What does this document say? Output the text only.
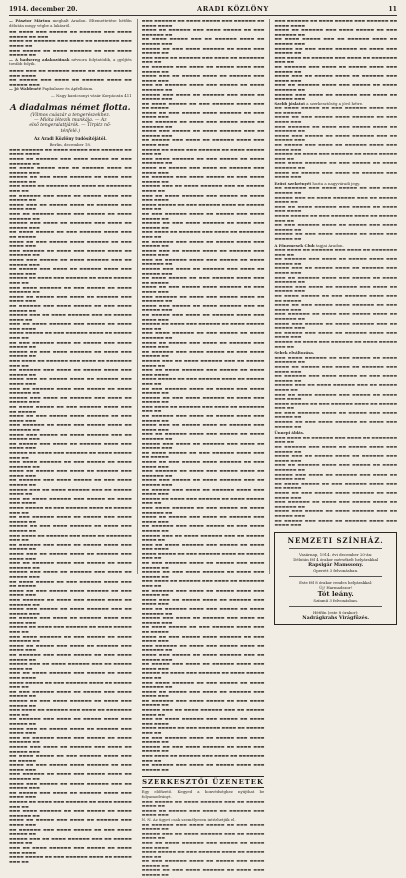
1914. december 20.	ARADI KÖZLÖNY	11

— Pásztor Márton meghalt Aradon. Eltemettetése hétfőn délután megy végbe a lakásról.

▬▬ ▬▬▬▬ ▬▬▬ ▬▬▬▬▬ ▬▬ ▬▬▬▬▬▬ ▬▬▬ ▬▬▬▬ ▬▬▬▬▬ ▬▬ ▬▬▬

▬▬▬▬ ▬▬ ▬▬▬▬▬▬ ▬▬▬ ▬▬▬▬ ▬▬ ▬▬▬▬▬▬▬ ▬▬▬ ▬▬▬▬ ▬▬

▬▬▬ ▬▬▬▬▬ ▬▬ ▬▬▬▬ ▬▬▬▬▬▬ ▬▬ ▬▬▬ ▬▬▬▬ ▬▬▬▬▬ ▬▬

— A hadsereg adakozóinak névsora folytatódik, a gyűjtés tovább folyik.

▬▬▬▬ ▬▬▬ ▬▬ ▬▬▬▬▬▬ ▬▬▬▬ ▬▬ ▬▬▬▬ ▬▬▬▬▬ ▬▬▬ ▬▬▬▬

▬▬ ▬▬▬▬▬ ▬▬▬ ▬▬▬▬ ▬▬ ▬▬▬▬▬▬ ▬▬▬▬ ▬▬ ▬▬▬▬▬ ▬▬▬

— Jó Waldenéé Papbalaser és Apfelbäum.

— Nagy karácsonyi vásár Korpáczán 411

A diadalmas német flotta.
(Vilmos császár a tengerészekhez.
— Mióta létezik munkája. — Az
első tengeralattjárók. — Tirpitz nő-
ténfelé.)
Az Aradi Közlöny tudósítójától.

Berlin, december 18.

▬▬▬ ▬▬▬▬▬▬ ▬▬ ▬▬▬▬ ▬▬▬▬▬ ▬▬▬ ▬▬▬▬▬▬ ▬▬ ▬▬▬▬ ▬▬▬▬

▬▬▬▬ ▬▬ ▬▬▬▬▬▬ ▬▬▬ ▬▬▬▬ ▬▬▬▬▬ ▬▬ ▬▬▬ ▬▬▬▬▬▬ ▬▬

▬▬ ▬▬▬▬ ▬▬▬▬▬ ▬▬▬ ▬▬ ▬▬▬▬▬▬ ▬▬▬▬ ▬▬ ▬▬▬▬▬ ▬▬▬

▬▬▬▬▬ ▬▬ ▬▬▬ ▬▬▬▬ ▬▬▬▬▬▬ ▬▬ ▬▬▬▬ ▬▬▬ ▬▬▬▬▬ ▬▬

▬▬▬ ▬▬▬▬ ▬▬ ▬▬▬▬▬▬ ▬▬▬ ▬▬▬▬ ▬▬ ▬▬▬▬▬▬▬ ▬▬▬ ▬▬

▬▬ ▬▬▬▬▬▬ ▬▬▬ ▬▬▬▬ ▬▬ ▬▬▬▬▬ ▬▬▬▬ ▬▬▬ ▬▬▬▬▬ ▬▬

▬▬▬▬ ▬▬▬ ▬▬ ▬▬▬▬▬ ▬▬▬▬ ▬▬ ▬▬▬▬▬▬ ▬▬▬ ▬▬▬▬ ▬▬▬

▬▬▬ ▬▬ ▬▬▬▬▬▬ ▬▬▬▬ ▬▬▬ ▬▬▬▬▬ ▬▬ ▬▬▬▬ ▬▬▬▬▬▬ ▬▬

▬▬▬▬▬ ▬▬▬ ▬▬▬▬ ▬▬ ▬▬▬▬▬▬ ▬▬▬ ▬▬▬▬ ▬▬ ▬▬▬▬▬ ▬▬▬

▬▬ ▬▬▬▬ ▬▬▬▬▬ ▬▬ ▬▬▬ ▬▬▬▬▬▬ ▬▬▬▬ ▬▬▬ ▬▬ ▬▬▬▬▬

▬▬▬▬ ▬▬ ▬▬▬ ▬▬▬▬▬ ▬▬▬▬ ▬▬▬▬▬▬ ▬▬ ▬▬▬ ▬▬▬▬ ▬▬▬

▬▬▬ ▬▬▬▬▬▬ ▬▬ ▬▬▬▬ ▬▬▬ ▬▬▬▬▬ ▬▬▬▬ ▬▬ ▬▬▬▬▬▬ ▬▬

▬▬▬▬ ▬▬▬ ▬▬▬▬▬ ▬▬ ▬▬▬▬ ▬▬▬▬▬▬ ▬▬▬ ▬▬ ▬▬▬▬▬ ▬▬▬

▬▬ ▬▬▬▬▬ ▬▬▬ ▬▬▬▬ ▬▬ ▬▬▬▬▬▬ ▬▬▬▬ ▬▬▬ ▬▬▬▬ ▬▬▬

▬▬▬▬▬ ▬▬ ▬▬▬▬ ▬▬▬ ▬▬▬▬▬▬ ▬▬ ▬▬▬▬ ▬▬▬▬▬ ▬▬▬ ▬▬

▬▬▬ ▬▬▬▬ ▬▬▬▬▬▬ ▬▬ ▬▬▬ ▬▬▬▬▬ ▬▬ ▬▬▬▬ ▬▬▬▬▬▬ ▬▬

▬▬▬▬ ▬▬ ▬▬▬▬▬ ▬▬▬ ▬▬▬▬ ▬▬ ▬▬▬▬▬▬ ▬▬▬ ▬▬▬▬ ▬▬▬

▬▬ ▬▬▬▬▬▬ ▬▬▬ ▬▬▬▬ ▬▬▬▬▬ ▬▬ ▬▬▬ ▬▬▬▬ ▬▬▬▬▬ ▬▬

▬▬▬▬▬ ▬▬▬ ▬▬ ▬▬▬▬ ▬▬▬▬▬▬ ▬▬▬ ▬▬ ▬▬▬▬▬ ▬▬▬▬ ▬▬

▬▬▬ ▬▬ ▬▬▬▬ ▬▬▬▬▬▬ ▬▬▬ ▬▬▬▬▬ ▬▬ ▬▬▬▬ ▬▬▬ ▬▬▬▬

▬▬▬▬ ▬▬▬▬▬ ▬▬ ▬▬▬ ▬▬▬▬▬▬ ▬▬▬▬ ▬▬ ▬▬▬▬▬ ▬▬▬ ▬▬

▬▬ ▬▬▬ ▬▬▬▬▬▬ ▬▬▬▬ ▬▬ ▬▬▬▬▬ ▬▬▬ ▬▬▬▬ ▬▬▬▬▬ ▬▬

▬▬▬▬▬ ▬▬ ▬▬▬ ▬▬▬▬ ▬▬▬▬▬▬ ▬▬ ▬▬▬▬ ▬▬▬ ▬▬▬▬▬ ▬▬

▬▬▬ ▬▬▬▬ ▬▬ ▬▬▬▬▬▬ ▬▬▬ ▬▬▬▬ ▬▬ ▬▬▬▬▬▬▬ ▬▬▬ ▬▬

▬▬ ▬▬▬▬▬▬ ▬▬▬ ▬▬▬▬ ▬▬ ▬▬▬▬▬ ▬▬▬▬ ▬▬▬ ▬▬▬▬▬ ▬▬

▬▬▬▬ ▬▬▬ ▬▬ ▬▬▬▬▬ ▬▬▬▬ ▬▬ ▬▬▬▬▬▬ ▬▬▬ ▬▬▬▬ ▬▬▬

▬▬▬ ▬▬ ▬▬▬▬▬▬ ▬▬▬▬ ▬▬▬ ▬▬▬▬▬ ▬▬ ▬▬▬▬ ▬▬▬▬▬▬ ▬▬

▬▬▬▬▬ ▬▬▬ ▬▬▬▬ ▬▬ ▬▬▬▬▬▬ ▬▬▬ ▬▬▬▬ ▬▬ ▬▬▬▬▬ ▬▬▬

▬▬ ▬▬▬▬ ▬▬▬▬▬ ▬▬ ▬▬▬ ▬▬▬▬▬▬ ▬▬▬▬ ▬▬▬ ▬▬ ▬▬▬▬▬

▬▬▬▬ ▬▬ ▬▬▬ ▬▬▬▬▬ ▬▬▬▬ ▬▬▬▬▬▬ ▬▬ ▬▬▬ ▬▬▬▬ ▬▬▬

▬▬▬ ▬▬▬▬▬▬ ▬▬ ▬▬▬▬ ▬▬▬ ▬▬▬▬▬ ▬▬▬▬ ▬▬ ▬▬▬▬▬▬ ▬▬

▬▬▬▬ ▬▬▬ ▬▬▬▬▬ ▬▬ ▬▬▬▬ ▬▬▬▬▬▬ ▬▬▬ ▬▬ ▬▬▬▬▬ ▬▬▬

▬▬ ▬▬▬▬▬ ▬▬▬ ▬▬▬▬ ▬▬ ▬▬▬▬▬▬ ▬▬▬▬ ▬▬▬ ▬▬▬▬ ▬▬▬

▬▬▬▬▬ ▬▬ ▬▬▬▬ ▬▬▬ ▬▬▬▬▬▬ ▬▬ ▬▬▬▬ ▬▬▬▬▬ ▬▬▬ ▬▬

▬▬▬ ▬▬▬▬ ▬▬▬▬▬▬ ▬▬ ▬▬▬ ▬▬▬▬▬ ▬▬ ▬▬▬▬ ▬▬▬▬▬▬ ▬▬

▬▬▬▬ ▬▬ ▬▬▬▬▬ ▬▬▬ ▬▬▬▬ ▬▬ ▬▬▬▬▬▬ ▬▬▬ ▬▬▬▬ ▬▬▬

▬▬ ▬▬▬▬▬▬ ▬▬▬ ▬▬▬▬ ▬▬▬▬▬ ▬▬ ▬▬▬ ▬▬▬▬ ▬▬▬▬▬ ▬▬

▬▬▬▬▬ ▬▬▬ ▬▬ ▬▬▬▬ ▬▬▬▬▬▬ ▬▬▬ ▬▬ ▬▬▬▬▬ ▬▬▬▬ ▬▬

▬▬▬ ▬▬ ▬▬▬▬ ▬▬▬▬▬▬ ▬▬▬ ▬▬▬▬▬ ▬▬ ▬▬▬▬ ▬▬▬ ▬▬▬▬

▬▬▬▬ ▬▬▬▬▬ ▬▬ ▬▬▬ ▬▬▬▬▬▬ ▬▬▬▬ ▬▬ ▬▬▬▬▬ ▬▬▬ ▬▬

▬▬ ▬▬▬ ▬▬▬▬▬▬ ▬▬▬▬ ▬▬ ▬▬▬▬▬ ▬▬▬ ▬▬▬▬ ▬▬▬▬▬ ▬▬

▬▬▬▬▬ ▬▬ ▬▬▬ ▬▬▬▬ ▬▬▬▬▬▬ ▬▬ ▬▬▬▬ ▬▬▬ ▬▬▬▬▬ ▬▬

▬▬▬ ▬▬▬▬ ▬▬ ▬▬▬▬▬▬ ▬▬▬ ▬▬▬▬ ▬▬ ▬▬▬▬▬▬▬ ▬▬▬ ▬▬

▬▬ ▬▬▬▬▬▬ ▬▬▬ ▬▬▬▬ ▬▬ ▬▬▬▬▬ ▬▬▬▬ ▬▬▬ ▬▬▬▬▬ ▬▬

▬▬▬▬ ▬▬▬ ▬▬ ▬▬▬▬▬ ▬▬▬▬ ▬▬ ▬▬▬▬▬▬ ▬▬▬ ▬▬▬▬ ▬▬▬

▬▬▬ ▬▬ ▬▬▬▬▬▬ ▬▬▬▬ ▬▬▬ ▬▬▬▬▬ ▬▬ ▬▬▬▬ ▬▬▬▬▬▬ ▬▬

▬▬▬▬▬ ▬▬▬ ▬▬▬▬ ▬▬ ▬▬▬▬▬▬ ▬▬▬ ▬▬▬▬ ▬▬ ▬▬▬▬▬ ▬▬▬

▬▬ ▬▬▬▬ ▬▬▬▬▬ ▬▬ ▬▬▬ ▬▬▬▬▬▬ ▬▬▬▬ ▬▬▬ ▬▬ ▬▬▬▬▬

▬▬▬▬ ▬▬ ▬▬▬ ▬▬▬▬▬ ▬▬▬▬ ▬▬▬▬▬▬ ▬▬ ▬▬▬ ▬▬▬▬ ▬▬▬

▬▬▬ ▬▬▬▬▬▬ ▬▬ ▬▬▬▬ ▬▬▬ ▬▬▬▬▬ ▬▬▬▬ ▬▬ ▬▬▬▬▬▬ ▬▬

▬▬▬▬ ▬▬▬ ▬▬▬▬▬ ▬▬ ▬▬▬▬ ▬▬▬▬▬▬ ▬▬▬ ▬▬ ▬▬▬▬▬ ▬▬▬

▬▬ ▬▬▬▬▬ ▬▬▬ ▬▬▬▬ ▬▬ ▬▬▬▬▬▬ ▬▬▬▬ ▬▬▬ ▬▬▬▬ ▬▬▬

▬▬▬▬▬ ▬▬ ▬▬▬▬ ▬▬▬ ▬▬▬▬▬▬ ▬▬ ▬▬▬▬ ▬▬▬▬▬ ▬▬▬ ▬▬

▬▬▬ ▬▬▬▬ ▬▬▬▬▬▬ ▬▬ ▬▬▬ ▬▬▬▬▬ ▬▬ ▬▬▬▬ ▬▬▬▬▬▬ ▬▬

▬▬▬▬ ▬▬ ▬▬▬▬▬ ▬▬▬ ▬▬▬▬ ▬▬ ▬▬▬▬▬▬ ▬▬▬ ▬▬▬▬ ▬▬▬

▬▬ ▬▬▬▬▬▬ ▬▬▬ ▬▬▬▬ ▬▬▬▬▬ ▬▬ ▬▬▬ ▬▬▬▬ ▬▬▬▬▬ ▬▬

▬▬▬▬▬ ▬▬▬ ▬▬ ▬▬▬▬ ▬▬▬▬▬▬ ▬▬▬ ▬▬ ▬▬▬▬▬ ▬▬▬▬ ▬▬

▬▬▬ ▬▬ ▬▬▬▬ ▬▬▬▬▬▬ ▬▬▬ ▬▬▬▬▬ ▬▬ ▬▬▬▬ ▬▬▬ ▬▬▬▬

▬▬▬▬ ▬▬▬▬▬ ▬▬ ▬▬▬ ▬▬▬▬▬▬ ▬▬▬▬ ▬▬ ▬▬▬▬▬ ▬▬▬ ▬▬

▬▬ ▬▬▬ ▬▬▬▬▬▬ ▬▬▬▬ ▬▬ ▬▬▬▬▬ ▬▬▬ ▬▬▬▬ ▬▬▬▬▬ ▬▬

▬▬▬▬▬ ▬▬ ▬▬▬ ▬▬▬▬ ▬▬▬▬▬▬ ▬▬ ▬▬▬▬ ▬▬▬ ▬▬▬▬▬ ▬▬

▬▬▬ ▬▬▬▬ ▬▬ ▬▬▬▬▬▬ ▬▬▬ ▬▬▬▬ ▬▬ ▬▬▬▬▬▬▬ ▬▬▬ ▬▬

▬▬ ▬▬▬▬▬▬ ▬▬▬ ▬▬▬▬ ▬▬ ▬▬▬▬▬ ▬▬▬▬ ▬▬▬ ▬▬▬▬▬ ▬▬

▬▬▬▬ ▬▬▬ ▬▬ ▬▬▬▬▬ ▬▬▬▬ ▬▬ ▬▬▬▬▬▬ ▬▬▬ ▬▬▬▬ ▬▬▬

▬▬▬ ▬▬ ▬▬▬▬▬▬ ▬▬▬▬ ▬▬▬ ▬▬▬▬▬ ▬▬ ▬▬▬▬ ▬▬▬▬▬▬ ▬▬

▬▬▬▬▬ ▬▬▬ ▬▬▬▬ ▬▬ ▬▬▬▬▬▬ ▬▬▬ ▬▬▬▬ ▬▬ ▬▬▬▬▬ ▬▬▬

▬▬ ▬▬▬▬ ▬▬▬▬▬ ▬▬ ▬▬▬ ▬▬▬▬▬▬ ▬▬▬▬ ▬▬▬ ▬▬ ▬▬▬▬▬

▬▬▬▬ ▬▬ ▬▬▬ ▬▬▬▬▬ ▬▬▬▬ ▬▬▬▬▬▬ ▬▬ ▬▬▬ ▬▬▬▬ ▬▬▬

▬▬▬ ▬▬▬▬▬▬ ▬▬ ▬▬▬▬ ▬▬▬ ▬▬▬▬▬ ▬▬▬▬ ▬▬ ▬▬▬▬▬▬ ▬▬

▬▬▬▬ ▬▬▬ ▬▬▬▬▬ ▬▬ ▬▬▬▬ ▬▬▬▬▬▬ ▬▬▬ ▬▬ ▬▬▬▬▬ ▬▬▬

▬▬ ▬▬▬▬▬ ▬▬▬ ▬▬▬▬ ▬▬ ▬▬▬▬▬▬ ▬▬▬▬ ▬▬▬ ▬▬▬▬ ▬▬▬

▬▬▬▬▬ ▬▬ ▬▬▬▬ ▬▬▬ ▬▬▬▬▬▬ ▬▬ ▬▬▬▬ ▬▬▬▬▬ ▬▬▬ ▬▬

▬▬▬ ▬▬▬▬ ▬▬▬▬▬▬ ▬▬ ▬▬▬ ▬▬▬▬▬ ▬▬ ▬▬▬▬ ▬▬▬▬▬▬ ▬▬

▬▬▬▬ ▬▬ ▬▬▬▬▬ ▬▬▬ ▬▬▬▬ ▬▬ ▬▬▬▬▬▬ ▬▬▬ ▬▬▬▬ ▬▬▬

▬▬ ▬▬▬▬▬▬ ▬▬▬ ▬▬▬▬ ▬▬▬▬▬ ▬▬ ▬▬▬ ▬▬▬▬ ▬▬▬▬▬ ▬▬

▬▬▬▬▬ ▬▬▬ ▬▬ ▬▬▬▬ ▬▬▬▬▬▬ ▬▬▬ ▬▬ ▬▬▬▬▬ ▬▬▬▬ ▬▬

▬▬▬ ▬▬ ▬▬▬▬ ▬▬▬▬▬▬ ▬▬▬ ▬▬▬▬▬ ▬▬ ▬▬▬▬ ▬▬▬ ▬▬▬▬

▬▬▬▬ ▬▬▬▬▬ ▬▬ ▬▬▬ ▬▬▬▬▬▬ ▬▬▬▬ ▬▬ ▬▬▬▬▬ ▬▬▬ ▬▬

▬▬▬ ▬▬▬▬▬▬ ▬▬ ▬▬▬▬ ▬▬▬▬▬ ▬▬▬ ▬▬▬▬▬▬ ▬▬ ▬▬▬▬ ▬▬▬▬

▬▬▬▬ ▬▬ ▬▬▬▬▬▬ ▬▬▬ ▬▬▬▬ ▬▬▬▬▬ ▬▬ ▬▬▬ ▬▬▬▬▬▬ ▬▬

▬▬ ▬▬▬▬ ▬▬▬▬▬ ▬▬▬ ▬▬ ▬▬▬▬▬▬ ▬▬▬▬ ▬▬ ▬▬▬▬▬ ▬▬▬

▬▬▬▬▬ ▬▬ ▬▬▬ ▬▬▬▬ ▬▬▬▬▬▬ ▬▬ ▬▬▬▬ ▬▬▬ ▬▬▬▬▬ ▬▬

▬▬▬ ▬▬▬▬ ▬▬ ▬▬▬▬▬▬ ▬▬▬ ▬▬▬▬ ▬▬ ▬▬▬▬▬▬▬ ▬▬▬ ▬▬

▬▬ ▬▬▬▬▬▬ ▬▬▬ ▬▬▬▬ ▬▬ ▬▬▬▬▬ ▬▬▬▬ ▬▬▬ ▬▬▬▬▬ ▬▬

▬▬▬▬ ▬▬▬ ▬▬ ▬▬▬▬▬ ▬▬▬▬ ▬▬ ▬▬▬▬▬▬ ▬▬▬ ▬▬▬▬ ▬▬▬

▬▬▬ ▬▬ ▬▬▬▬▬▬ ▬▬▬▬ ▬▬▬ ▬▬▬▬▬ ▬▬ ▬▬▬▬ ▬▬▬▬▬▬ ▬▬

▬▬▬▬▬ ▬▬▬ ▬▬▬▬ ▬▬ ▬▬▬▬▬▬ ▬▬▬ ▬▬▬▬ ▬▬ ▬▬▬▬▬ ▬▬▬

▬▬ ▬▬▬▬ ▬▬▬▬▬ ▬▬ ▬▬▬ ▬▬▬▬▬▬ ▬▬▬▬ ▬▬▬ ▬▬ ▬▬▬▬▬

▬▬▬▬ ▬▬ ▬▬▬ ▬▬▬▬▬ ▬▬▬▬ ▬▬▬▬▬▬ ▬▬ ▬▬▬ ▬▬▬▬ ▬▬▬

▬▬▬ ▬▬▬▬▬▬ ▬▬ ▬▬▬▬ ▬▬▬ ▬▬▬▬▬ ▬▬▬▬ ▬▬ ▬▬▬▬▬▬ ▬▬

▬▬▬▬ ▬▬▬ ▬▬▬▬▬ ▬▬ ▬▬▬▬ ▬▬▬▬▬▬ ▬▬▬ ▬▬ ▬▬▬▬▬ ▬▬▬

▬▬ ▬▬▬▬▬ ▬▬▬ ▬▬▬▬ ▬▬ ▬▬▬▬▬▬ ▬▬▬▬ ▬▬▬ ▬▬▬▬ ▬▬▬

▬▬▬▬▬ ▬▬ ▬▬▬▬ ▬▬▬ ▬▬▬▬▬▬ ▬▬ ▬▬▬▬ ▬▬▬▬▬ ▬▬▬ ▬▬

▬▬▬ ▬▬▬▬ ▬▬▬▬▬▬ ▬▬ ▬▬▬ ▬▬▬▬▬ ▬▬ ▬▬▬▬ ▬▬▬▬▬▬ ▬▬

▬▬▬▬ ▬▬ ▬▬▬▬▬ ▬▬▬ ▬▬▬▬ ▬▬ ▬▬▬▬▬▬ ▬▬▬ ▬▬▬▬ ▬▬▬

▬▬ ▬▬▬▬▬▬ ▬▬▬ ▬▬▬▬ ▬▬▬▬▬ ▬▬ ▬▬▬ ▬▬▬▬ ▬▬▬▬▬ ▬▬

▬▬▬▬▬ ▬▬▬ ▬▬ ▬▬▬▬ ▬▬▬▬▬▬ ▬▬▬ ▬▬ ▬▬▬▬▬ ▬▬▬▬ ▬▬

▬▬▬ ▬▬ ▬▬▬▬ ▬▬▬▬▬▬ ▬▬▬ ▬▬▬▬▬ ▬▬ ▬▬▬▬ ▬▬▬ ▬▬▬▬

▬▬▬▬ ▬▬▬▬▬ ▬▬ ▬▬▬ ▬▬▬▬▬▬ ▬▬▬▬ ▬▬ ▬▬▬▬▬ ▬▬▬ ▬▬

▬▬ ▬▬▬ ▬▬▬▬▬▬ ▬▬▬▬ ▬▬ ▬▬▬▬▬ ▬▬▬ ▬▬▬▬ ▬▬▬▬▬ ▬▬

▬▬▬▬▬ ▬▬ ▬▬▬ ▬▬▬▬ ▬▬▬▬▬▬ ▬▬ ▬▬▬▬ ▬▬▬ ▬▬▬▬▬ ▬▬

▬▬▬ ▬▬▬▬ ▬▬ ▬▬▬▬▬▬ ▬▬▬ ▬▬▬▬ ▬▬ ▬▬▬▬▬▬▬ ▬▬▬ ▬▬

▬▬ ▬▬▬▬▬▬ ▬▬▬ ▬▬▬▬ ▬▬ ▬▬▬▬▬ ▬▬▬▬ ▬▬▬ ▬▬▬▬▬ ▬▬

▬▬▬▬ ▬▬▬ ▬▬ ▬▬▬▬▬ ▬▬▬▬ ▬▬ ▬▬▬▬▬▬ ▬▬▬ ▬▬▬▬ ▬▬▬

▬▬▬ ▬▬ ▬▬▬▬▬▬ ▬▬▬▬ ▬▬▬ ▬▬▬▬▬ ▬▬ ▬▬▬▬ ▬▬▬▬▬▬ ▬▬

▬▬▬▬▬ ▬▬▬ ▬▬▬▬ ▬▬ ▬▬▬▬▬▬ ▬▬▬ ▬▬▬▬ ▬▬ ▬▬▬▬▬ ▬▬▬

▬▬ ▬▬▬▬ ▬▬▬▬▬ ▬▬ ▬▬▬ ▬▬▬▬▬▬ ▬▬▬▬ ▬▬▬ ▬▬ ▬▬▬▬▬

▬▬▬▬ ▬▬ ▬▬▬ ▬▬▬▬▬ ▬▬▬▬ ▬▬▬▬▬▬ ▬▬ ▬▬▬ ▬▬▬▬ ▬▬▬

▬▬▬ ▬▬▬▬▬▬ ▬▬ ▬▬▬▬ ▬▬▬ ▬▬▬▬▬ ▬▬▬▬ ▬▬ ▬▬▬▬▬▬ ▬▬

▬▬▬▬ ▬▬▬ ▬▬▬▬▬ ▬▬ ▬▬▬▬ ▬▬▬▬▬▬ ▬▬▬ ▬▬ ▬▬▬▬▬ ▬▬▬

▬▬ ▬▬▬▬▬ ▬▬▬ ▬▬▬▬ ▬▬ ▬▬▬▬▬▬ ▬▬▬▬ ▬▬▬ ▬▬▬▬ ▬▬▬

▬▬▬▬▬ ▬▬ ▬▬▬▬ ▬▬▬ ▬▬▬▬▬▬ ▬▬ ▬▬▬▬ ▬▬▬▬▬ ▬▬▬ ▬▬

▬▬▬ ▬▬▬▬ ▬▬▬▬▬▬ ▬▬ ▬▬▬ ▬▬▬▬▬ ▬▬ ▬▬▬▬ ▬▬▬▬▬▬ ▬▬

▬▬▬▬ ▬▬ ▬▬▬▬▬ ▬▬▬ ▬▬▬▬ ▬▬ ▬▬▬▬▬▬ ▬▬▬ ▬▬▬▬ ▬▬▬

▬▬ ▬▬▬▬▬▬ ▬▬▬ ▬▬▬▬ ▬▬▬▬▬ ▬▬ ▬▬▬ ▬▬▬▬ ▬▬▬▬▬ ▬▬

▬▬▬▬▬ ▬▬▬ ▬▬ ▬▬▬▬ ▬▬▬▬▬▬ ▬▬▬ ▬▬ ▬▬▬▬▬ ▬▬▬▬ ▬▬

▬▬▬ ▬▬ ▬▬▬▬ ▬▬▬▬▬▬ ▬▬▬ ▬▬▬▬▬ ▬▬ ▬▬▬▬ ▬▬▬ ▬▬▬▬

▬▬▬▬ ▬▬▬▬▬ ▬▬ ▬▬▬ ▬▬▬▬▬▬ ▬▬▬▬ ▬▬ ▬▬▬▬▬ ▬▬▬ ▬▬

▬▬ ▬▬▬ ▬▬▬▬▬▬ ▬▬▬▬ ▬▬ ▬▬▬▬▬ ▬▬▬ ▬▬▬▬ ▬▬▬▬▬ ▬▬

▬▬▬▬▬ ▬▬ ▬▬▬ ▬▬▬▬ ▬▬▬▬▬▬ ▬▬ ▬▬▬▬ ▬▬▬ ▬▬▬▬▬ ▬▬

▬▬▬ ▬▬▬▬ ▬▬ ▬▬▬▬▬▬ ▬▬▬ ▬▬▬▬ ▬▬ ▬▬▬▬▬▬▬ ▬▬▬ ▬▬

▬▬ ▬▬▬▬▬▬ ▬▬▬ ▬▬▬▬ ▬▬ ▬▬▬▬▬ ▬▬▬▬ ▬▬▬ ▬▬▬▬▬ ▬▬

▬▬▬▬ ▬▬▬ ▬▬ ▬▬▬▬▬ ▬▬▬▬ ▬▬ ▬▬▬▬▬▬ ▬▬▬ ▬▬▬▬ ▬▬▬

▬▬▬ ▬▬ ▬▬▬▬▬▬ ▬▬▬▬ ▬▬▬ ▬▬▬▬▬ ▬▬ ▬▬▬▬ ▬▬▬▬▬▬ ▬▬

▬▬▬▬▬ ▬▬▬ ▬▬▬▬ ▬▬ ▬▬▬▬▬▬ ▬▬▬ ▬▬▬▬ ▬▬ ▬▬▬▬▬ ▬▬▬

▬▬ ▬▬▬▬ ▬▬▬▬▬ ▬▬ ▬▬▬ ▬▬▬▬▬▬ ▬▬▬▬ ▬▬▬ ▬▬ ▬▬▬▬▬

▬▬▬▬ ▬▬ ▬▬▬ ▬▬▬▬▬ ▬▬▬▬ ▬▬▬▬▬▬ ▬▬ ▬▬▬ ▬▬▬▬ ▬▬▬

▬▬▬ ▬▬▬▬▬▬ ▬▬ ▬▬▬▬ ▬▬▬ ▬▬▬▬▬ ▬▬▬▬ ▬▬ ▬▬▬▬▬▬ ▬▬

▬▬▬▬ ▬▬▬ ▬▬▬▬▬ ▬▬ ▬▬▬▬ ▬▬▬▬▬▬ ▬▬▬ ▬▬ ▬▬▬▬▬ ▬▬▬

▬▬ ▬▬▬▬▬ ▬▬▬ ▬▬▬▬ ▬▬ ▬▬▬▬▬▬ ▬▬▬▬ ▬▬▬ ▬▬▬▬ ▬▬▬

▬▬▬▬▬ ▬▬ ▬▬▬▬ ▬▬▬ ▬▬▬▬▬▬ ▬▬ ▬▬▬▬ ▬▬▬▬▬ ▬▬▬ ▬▬

▬▬▬ ▬▬▬▬ ▬▬▬▬▬▬ ▬▬ ▬▬▬ ▬▬▬▬▬ ▬▬ ▬▬▬▬ ▬▬▬▬▬▬ ▬▬

▬▬▬▬ ▬▬ ▬▬▬▬▬ ▬▬▬ ▬▬▬▬ ▬▬ ▬▬▬▬▬▬ ▬▬▬ ▬▬▬▬ ▬▬▬

▬▬ ▬▬▬▬▬▬ ▬▬▬ ▬▬▬▬ ▬▬▬▬▬ ▬▬ ▬▬▬ ▬▬▬▬ ▬▬▬▬▬ ▬▬

▬▬▬▬▬ ▬▬▬ ▬▬ ▬▬▬▬ ▬▬▬▬▬▬ ▬▬▬ ▬▬ ▬▬▬▬▬ ▬▬▬▬ ▬▬

▬▬▬ ▬▬ ▬▬▬▬ ▬▬▬▬▬▬ ▬▬▬ ▬▬▬▬▬ ▬▬ ▬▬▬▬ ▬▬▬ ▬▬▬▬

▬▬▬▬ ▬▬▬▬▬ ▬▬ ▬▬▬ ▬▬▬▬▬▬ ▬▬▬▬ ▬▬ ▬▬▬▬▬ ▬▬▬ ▬▬

▬▬ ▬▬▬ ▬▬▬▬▬▬ ▬▬▬▬ ▬▬ ▬▬▬▬▬ ▬▬▬ ▬▬▬▬ ▬▬▬▬▬ ▬▬

▬▬▬▬▬ ▬▬ ▬▬▬ ▬▬▬▬ ▬▬▬▬▬▬ ▬▬ ▬▬▬▬ ▬▬▬ ▬▬▬▬▬ ▬▬

▬▬▬ ▬▬▬▬ ▬▬ ▬▬▬▬▬▬ ▬▬▬ ▬▬▬▬ ▬▬ ▬▬▬▬▬▬▬ ▬▬▬ ▬▬

▬▬ ▬▬▬▬▬▬ ▬▬▬ ▬▬▬▬ ▬▬ ▬▬▬▬▬ ▬▬▬▬ ▬▬▬ ▬▬▬▬▬ ▬▬

▬▬▬▬ ▬▬▬ ▬▬ ▬▬▬▬▬ ▬▬▬▬ ▬▬ ▬▬▬▬▬▬ ▬▬▬ ▬▬▬▬ ▬▬▬

▬▬▬ ▬▬ ▬▬▬▬▬▬ ▬▬▬▬ ▬▬▬ ▬▬▬▬▬ ▬▬ ▬▬▬▬ ▬▬▬▬▬▬ ▬▬

▬▬▬▬▬ ▬▬▬ ▬▬▬▬ ▬▬ ▬▬▬▬▬▬ ▬▬▬ ▬▬▬▬ ▬▬ ▬▬▬▬▬ ▬▬▬

▬▬ ▬▬▬▬ ▬▬▬▬▬ ▬▬ ▬▬▬ ▬▬▬▬▬▬ ▬▬▬▬ ▬▬▬ ▬▬ ▬▬▬▬▬

▬▬▬▬ ▬▬ ▬▬▬ ▬▬▬▬▬ ▬▬▬▬ ▬▬▬▬▬▬ ▬▬ ▬▬▬ ▬▬▬▬ ▬▬▬

▬▬▬ ▬▬▬▬▬▬ ▬▬ ▬▬▬▬ ▬▬▬ ▬▬▬▬▬ ▬▬▬▬ ▬▬ ▬▬▬▬▬▬ ▬▬

▬▬▬▬ ▬▬▬ ▬▬▬▬▬ ▬▬ ▬▬▬▬ ▬▬▬▬▬▬ ▬▬▬ ▬▬ ▬▬▬▬▬ ▬▬▬

▬▬ ▬▬▬▬▬ ▬▬▬ ▬▬▬▬ ▬▬ ▬▬▬▬▬▬ ▬▬▬▬ ▬▬▬ ▬▬▬▬ ▬▬▬

▬▬▬▬▬ ▬▬ ▬▬▬▬ ▬▬▬ ▬▬▬▬▬▬ ▬▬ ▬▬▬▬ ▬▬▬▬▬ ▬▬▬ ▬▬

▬▬▬ ▬▬▬▬ ▬▬▬▬▬▬ ▬▬ ▬▬▬ ▬▬▬▬▬ ▬▬ ▬▬▬▬ ▬▬▬▬▬▬ ▬▬

▬▬▬▬ ▬▬ ▬▬▬▬▬ ▬▬▬ ▬▬▬▬ ▬▬ ▬▬▬▬▬▬ ▬▬▬ ▬▬▬▬ ▬▬▬

▬▬ ▬▬▬▬▬▬ ▬▬▬ ▬▬▬▬ ▬▬▬▬▬ ▬▬ ▬▬▬ ▬▬▬▬ ▬▬▬▬▬ ▬▬

▬▬▬▬▬ ▬▬▬ ▬▬ ▬▬▬▬ ▬▬▬▬▬▬ ▬▬▬ ▬▬ ▬▬▬▬▬ ▬▬▬▬ ▬▬

▬▬▬ ▬▬ ▬▬▬▬ ▬▬▬▬▬▬ ▬▬▬ ▬▬▬▬▬ ▬▬ ▬▬▬▬ ▬▬▬ ▬▬▬▬

▬▬▬▬ ▬▬▬▬▬ ▬▬ ▬▬▬ ▬▬▬▬▬▬ ▬▬▬▬ ▬▬ ▬▬▬▬▬ ▬▬▬ ▬▬

▬▬ ▬▬▬ ▬▬▬▬▬▬ ▬▬▬▬ ▬▬ ▬▬▬▬▬ ▬▬▬ ▬▬▬▬ ▬▬▬▬▬ ▬▬

▬▬▬▬▬ ▬▬ ▬▬▬ ▬▬▬▬ ▬▬▬▬▬▬ ▬▬ ▬▬▬▬ ▬▬▬ ▬▬▬▬▬ ▬▬

▬▬▬ ▬▬▬▬ ▬▬ ▬▬▬▬▬▬ ▬▬▬ ▬▬▬▬ ▬▬ ▬▬▬▬▬▬▬ ▬▬▬ ▬▬

▬▬ ▬▬▬▬▬▬ ▬▬▬ ▬▬▬▬ ▬▬ ▬▬▬▬▬ ▬▬▬▬ ▬▬▬ ▬▬▬▬▬ ▬▬

SZERKESZTŐI ÜZENETEK

Egy előfizető. Kegyed a honvédséghez nyújthat be folyamodványt.

▬▬▬ ▬▬▬▬▬ ▬▬ ▬▬▬▬ ▬▬▬▬▬▬ ▬▬▬ ▬▬ ▬▬▬▬▬ ▬▬▬▬ ▬▬

▬▬▬▬ ▬▬ ▬▬▬▬▬ ▬▬▬ ▬▬▬▬ ▬▬ ▬▬▬▬▬▬ ▬▬▬ ▬▬▬▬ ▬▬▬

N. N. Az ügyet csak személyesen intézhetjük el.

▬▬ ▬▬▬▬▬▬ ▬▬▬ ▬▬▬▬ ▬▬▬▬▬ ▬▬ ▬▬▬ ▬▬▬▬ ▬▬▬▬▬ ▬▬

▬▬▬▬▬ ▬▬▬ ▬▬ ▬▬▬▬ ▬▬▬▬▬▬ ▬▬▬ ▬▬ ▬▬▬▬▬ ▬▬▬▬ ▬▬

▬▬▬ ▬▬ ▬▬▬▬ ▬▬▬▬▬▬ ▬▬▬ ▬▬▬▬▬ ▬▬ ▬▬▬▬ ▬▬▬ ▬▬▬▬

▬▬▬▬ ▬▬▬▬▬ ▬▬ ▬▬▬ ▬▬▬▬▬▬ ▬▬▬▬ ▬▬ ▬▬▬▬▬ ▬▬▬ ▬▬

▬▬ ▬▬▬ ▬▬▬▬▬▬ ▬▬▬▬ ▬▬ ▬▬▬▬▬ ▬▬▬ ▬▬▬▬ ▬▬▬▬▬ ▬▬

▬▬▬▬▬ ▬▬ ▬▬▬ ▬▬▬▬ ▬▬▬▬▬▬ ▬▬ ▬▬▬▬ ▬▬▬ ▬▬▬▬▬ ▬▬

▬▬▬ ▬▬▬▬▬▬ ▬▬ ▬▬▬▬ ▬▬▬▬▬ ▬▬▬ ▬▬▬▬▬▬ ▬▬ ▬▬▬▬ ▬▬▬▬

▬▬▬▬ ▬▬ ▬▬▬▬▬▬ ▬▬▬ ▬▬▬▬ ▬▬▬▬▬ ▬▬ ▬▬▬ ▬▬▬▬▬▬ ▬▬

▬▬ ▬▬▬▬ ▬▬▬▬▬ ▬▬▬ ▬▬ ▬▬▬▬▬▬ ▬▬▬▬ ▬▬ ▬▬▬▬▬ ▬▬▬

▬▬▬▬▬ ▬▬ ▬▬▬ ▬▬▬▬ ▬▬▬▬▬▬ ▬▬ ▬▬▬▬ ▬▬▬ ▬▬▬▬▬ ▬▬

▬▬▬ ▬▬▬▬ ▬▬ ▬▬▬▬▬▬ ▬▬▬ ▬▬▬▬ ▬▬ ▬▬▬▬▬▬▬ ▬▬▬ ▬▬

▬▬ ▬▬▬▬▬▬ ▬▬▬ ▬▬▬▬ ▬▬ ▬▬▬▬▬ ▬▬▬▬ ▬▬▬ ▬▬▬▬▬ ▬▬

▬▬▬▬ ▬▬▬ ▬▬ ▬▬▬▬▬ ▬▬▬▬ ▬▬ ▬▬▬▬▬▬ ▬▬▬ ▬▬▬▬ ▬▬▬

▬▬▬ ▬▬ ▬▬▬▬▬▬ ▬▬▬▬ ▬▬▬ ▬▬▬▬▬ ▬▬ ▬▬▬▬ ▬▬▬▬▬▬ ▬▬

▬▬▬▬▬ ▬▬▬ ▬▬▬▬ ▬▬ ▬▬▬▬▬▬ ▬▬▬ ▬▬▬▬ ▬▬ ▬▬▬▬▬ ▬▬▬

Szebb jóslatot a szerkesztőség a jövő hétre.

▬▬ ▬▬▬▬ ▬▬▬▬▬ ▬▬ ▬▬▬ ▬▬▬▬▬▬ ▬▬▬▬ ▬▬▬ ▬▬ ▬▬▬▬▬

▬▬▬▬ ▬▬ ▬▬▬ ▬▬▬▬▬ ▬▬▬▬ ▬▬▬▬▬▬ ▬▬ ▬▬▬ ▬▬▬▬ ▬▬▬

▬▬▬ ▬▬▬▬▬▬ ▬▬ ▬▬▬▬ ▬▬▬ ▬▬▬▬▬ ▬▬▬▬ ▬▬ ▬▬▬▬▬▬ ▬▬

▬▬▬▬ ▬▬▬ ▬▬▬▬▬ ▬▬ ▬▬▬▬ ▬▬▬▬▬▬ ▬▬▬ ▬▬ ▬▬▬▬▬ ▬▬▬

▬▬ ▬▬▬▬▬ ▬▬▬ ▬▬▬▬ ▬▬ ▬▬▬▬▬▬ ▬▬▬▬ ▬▬▬ ▬▬▬▬ ▬▬▬

▬▬▬▬▬ ▬▬ ▬▬▬▬ ▬▬▬ ▬▬▬▬▬▬ ▬▬ ▬▬▬▬ ▬▬▬▬▬ ▬▬▬ ▬▬

▬▬▬ ▬▬▬▬ ▬▬▬▬▬▬ ▬▬ ▬▬▬ ▬▬▬▬▬ ▬▬ ▬▬▬▬ ▬▬▬▬▬▬ ▬▬

▬▬▬▬ ▬▬ ▬▬▬▬▬ ▬▬▬ ▬▬▬▬ ▬▬ ▬▬▬▬▬▬ ▬▬▬ ▬▬▬▬ ▬▬▬

Ezüst szekrényét hozta a nagyváradi jegy.

▬▬ ▬▬▬▬▬▬ ▬▬▬ ▬▬▬▬ ▬▬▬▬▬ ▬▬ ▬▬▬ ▬▬▬▬ ▬▬▬▬▬ ▬▬

▬▬▬▬▬ ▬▬▬ ▬▬ ▬▬▬▬ ▬▬▬▬▬▬ ▬▬▬ ▬▬ ▬▬▬▬▬ ▬▬▬▬ ▬▬

▬▬▬ ▬▬ ▬▬▬▬ ▬▬▬▬▬▬ ▬▬▬ ▬▬▬▬▬ ▬▬ ▬▬▬▬ ▬▬▬ ▬▬▬▬

▬▬▬▬ ▬▬▬▬▬ ▬▬ ▬▬▬ ▬▬▬▬▬▬ ▬▬▬▬ ▬▬ ▬▬▬▬▬ ▬▬▬ ▬▬

▬▬ ▬▬▬ ▬▬▬▬▬▬ ▬▬▬▬ ▬▬ ▬▬▬▬▬ ▬▬▬ ▬▬▬▬ ▬▬▬▬▬ ▬▬

▬▬▬▬▬ ▬▬ ▬▬▬ ▬▬▬▬ ▬▬▬▬▬▬ ▬▬ ▬▬▬▬ ▬▬▬ ▬▬▬▬▬ ▬▬

A Főnemesek Club tagjai Aradon.

▬▬▬ ▬▬▬▬ ▬▬ ▬▬▬▬▬▬ ▬▬▬ ▬▬▬▬ ▬▬ ▬▬▬▬▬▬▬ ▬▬▬ ▬▬

▬▬ ▬▬▬▬▬▬ ▬▬▬ ▬▬▬▬ ▬▬ ▬▬▬▬▬ ▬▬▬▬ ▬▬▬ ▬▬▬▬▬ ▬▬

▬▬▬▬ ▬▬▬ ▬▬ ▬▬▬▬▬ ▬▬▬▬ ▬▬ ▬▬▬▬▬▬ ▬▬▬ ▬▬▬▬ ▬▬▬

▬▬▬ ▬▬ ▬▬▬▬▬▬ ▬▬▬▬ ▬▬▬ ▬▬▬▬▬ ▬▬ ▬▬▬▬ ▬▬▬▬▬▬ ▬▬

▬▬▬▬▬ ▬▬▬ ▬▬▬▬ ▬▬ ▬▬▬▬▬▬ ▬▬▬ ▬▬▬▬ ▬▬ ▬▬▬▬▬ ▬▬▬

▬▬ ▬▬▬▬ ▬▬▬▬▬ ▬▬ ▬▬▬ ▬▬▬▬▬▬ ▬▬▬▬ ▬▬▬ ▬▬ ▬▬▬▬▬

▬▬▬▬ ▬▬ ▬▬▬ ▬▬▬▬▬ ▬▬▬▬ ▬▬▬▬▬▬ ▬▬ ▬▬▬ ▬▬▬▬ ▬▬▬

▬▬▬ ▬▬▬▬▬▬ ▬▬ ▬▬▬▬ ▬▬▬ ▬▬▬▬▬ ▬▬▬▬ ▬▬ ▬▬▬▬▬▬ ▬▬

▬▬▬▬ ▬▬▬ ▬▬▬▬▬ ▬▬ ▬▬▬▬ ▬▬▬▬▬▬ ▬▬▬ ▬▬ ▬▬▬▬▬ ▬▬▬

▬▬ ▬▬▬▬▬ ▬▬▬ ▬▬▬▬ ▬▬ ▬▬▬▬▬▬ ▬▬▬▬ ▬▬▬ ▬▬▬▬ ▬▬▬

▬▬▬▬▬ ▬▬ ▬▬▬▬ ▬▬▬ ▬▬▬▬▬▬ ▬▬ ▬▬▬▬ ▬▬▬▬▬ ▬▬▬ ▬▬

Sebek elváltozása.

▬▬▬ ▬▬▬▬ ▬▬▬▬▬▬ ▬▬ ▬▬▬ ▬▬▬▬▬ ▬▬ ▬▬▬▬ ▬▬▬▬▬▬ ▬▬

▬▬▬▬ ▬▬ ▬▬▬▬▬ ▬▬▬ ▬▬▬▬ ▬▬ ▬▬▬▬▬▬ ▬▬▬ ▬▬▬▬ ▬▬▬

▬▬ ▬▬▬▬▬▬ ▬▬▬ ▬▬▬▬ ▬▬▬▬▬ ▬▬ ▬▬▬ ▬▬▬▬ ▬▬▬▬▬ ▬▬

▬▬▬▬▬ ▬▬▬ ▬▬ ▬▬▬▬ ▬▬▬▬▬▬ ▬▬▬ ▬▬ ▬▬▬▬▬ ▬▬▬▬ ▬▬

▬▬▬ ▬▬ ▬▬▬▬ ▬▬▬▬▬▬ ▬▬▬ ▬▬▬▬▬ ▬▬ ▬▬▬▬ ▬▬▬ ▬▬▬▬

▬▬▬▬ ▬▬▬▬▬ ▬▬ ▬▬▬ ▬▬▬▬▬▬ ▬▬▬▬ ▬▬ ▬▬▬▬▬ ▬▬▬ ▬▬

▬▬ ▬▬▬ ▬▬▬▬▬▬ ▬▬▬▬ ▬▬ ▬▬▬▬▬ ▬▬▬ ▬▬▬▬ ▬▬▬▬▬ ▬▬

▬▬▬▬▬ ▬▬ ▬▬▬ ▬▬▬▬ ▬▬▬▬▬▬ ▬▬ ▬▬▬▬ ▬▬▬ ▬▬▬▬▬ ▬▬

Ünnepi áldás.

▬▬▬ ▬▬▬▬ ▬▬ ▬▬▬▬▬▬ ▬▬▬ ▬▬▬▬ ▬▬ ▬▬▬▬▬▬▬ ▬▬▬ ▬▬

▬▬ ▬▬▬▬▬▬ ▬▬▬ ▬▬▬▬ ▬▬ ▬▬▬▬▬ ▬▬▬▬ ▬▬▬ ▬▬▬▬▬ ▬▬

▬▬▬▬ ▬▬▬ ▬▬ ▬▬▬▬▬ ▬▬▬▬ ▬▬ ▬▬▬▬▬▬ ▬▬▬ ▬▬▬▬ ▬▬▬

▬▬▬ ▬▬ ▬▬▬▬▬▬ ▬▬▬▬ ▬▬▬ ▬▬▬▬▬ ▬▬ ▬▬▬▬ ▬▬▬▬▬▬ ▬▬

▬▬▬▬▬ ▬▬▬ ▬▬▬▬ ▬▬ ▬▬▬▬▬▬ ▬▬▬ ▬▬▬▬ ▬▬ ▬▬▬▬▬ ▬▬▬

▬▬ ▬▬▬▬ ▬▬▬▬▬ ▬▬ ▬▬▬ ▬▬▬▬▬▬ ▬▬▬▬ ▬▬▬ ▬▬ ▬▬▬▬▬

▬▬▬▬ ▬▬ ▬▬▬ ▬▬▬▬▬ ▬▬▬▬ ▬▬▬▬▬▬ ▬▬ ▬▬▬ ▬▬▬▬ ▬▬▬

▬▬▬ ▬▬▬▬▬▬ ▬▬ ▬▬▬▬ ▬▬▬ ▬▬▬▬▬ ▬▬▬▬ ▬▬ ▬▬▬▬▬▬ ▬▬

▬▬▬▬ ▬▬▬ ▬▬▬▬▬ ▬▬ ▬▬▬▬ ▬▬▬▬▬▬ ▬▬▬ ▬▬ ▬▬▬▬▬ ▬▬▬

▬▬ ▬▬▬▬▬ ▬▬▬ ▬▬▬▬ ▬▬ ▬▬▬▬▬▬ ▬▬▬▬ ▬▬▬ ▬▬▬▬ ▬▬▬

NEMZETI SZÍNHÁZ.
Vasárnap, 1914. évi december 20-án:
Délután fél 4 órakor mérsékelt helyárakkal
Rapsigár Mamssony.
Operett 3 felvonásban.
Este fél 8 órakor rendes helyárakkal:
Új! Harmadszor!
Tót leány.
Színmű 3 felvonásban.
Hétfőn (este 8 órakor):
Nadrágkrahs Virágfűzés.
